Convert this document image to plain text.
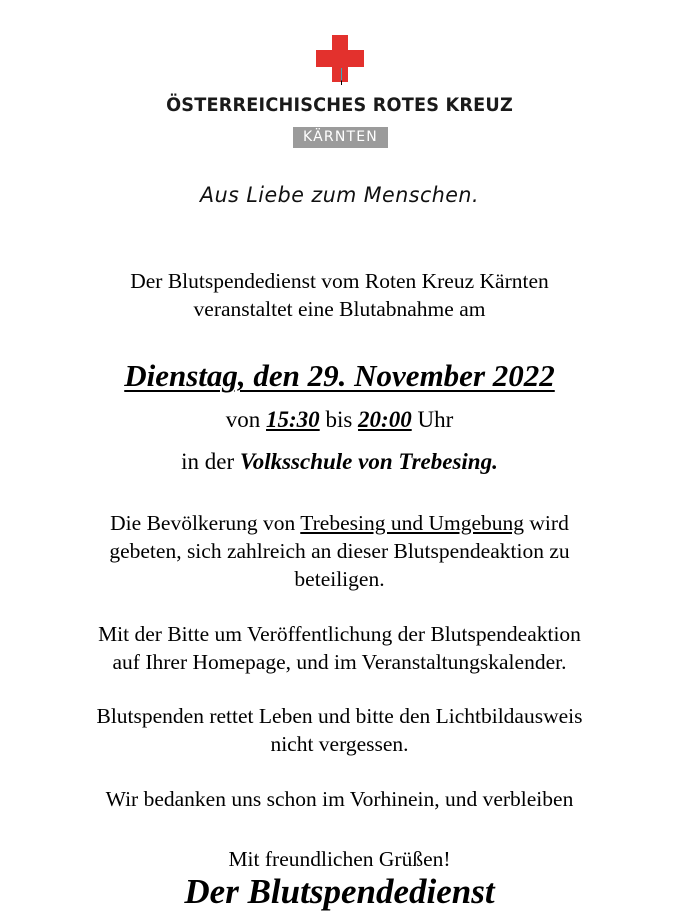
ÖSTERREICHISCHES ROTES KREUZ
KÄRNTEN
Aus Liebe zum Menschen.
Der Blutspendedienst vom Roten Kreuz Kärnten
veranstaltet eine Blutabnahme am
Dienstag, den 29. November 2022
von 15:30 bis 20:00 Uhr
in der Volksschule von Trebesing.
Die Bevölkerung von Trebesing und Umgebung wird
gebeten, sich zahlreich an dieser Blutspendeaktion zu
beteiligen.
Mit der Bitte um Veröffentlichung der Blutspendeaktion
auf Ihrer Homepage, und im Veranstaltungskalender.
Blutspenden rettet Leben und bitte den Lichtbildausweis
nicht vergessen.
Wir bedanken uns schon im Vorhinein, und verbleiben
Mit freundlichen Grüßen!
Der Blutspendedienst
